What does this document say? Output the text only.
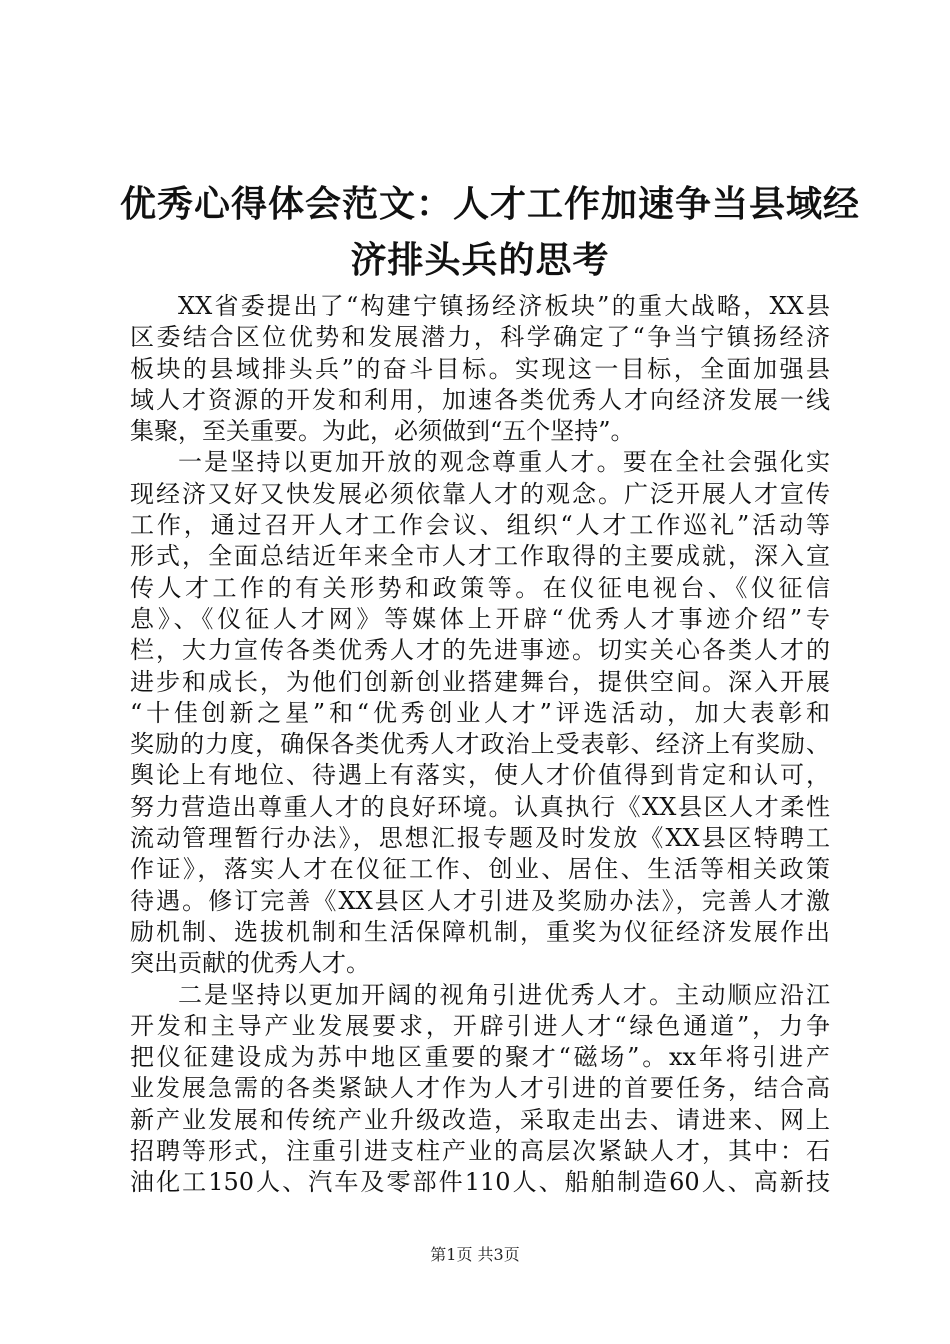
优秀心得体会范文：人才工作加速争当县域经
济排头兵的思考

XX省委提出了“构建宁镇扬经济板块”的重大战略，XX县
区委结合区位优势和发展潜力，科学确定了“争当宁镇扬经济
板块的县域排头兵”的奋斗目标。实现这一目标，全面加强县
域人才资源的开发和利用，加速各类优秀人才向经济发展一线
集聚，至关重要。为此，必须做到“五个坚持”。

一是坚持以更加开放的观念尊重人才。要在全社会强化实
现经济又好又快发展必须依靠人才的观念。广泛开展人才宣传
工作，通过召开人才工作会议、组织“人才工作巡礼”活动等
形式，全面总结近年来全市人才工作取得的主要成就，深入宣
传人才工作的有关形势和政策等。在仪征电视台、《仪征信
息》、《仪征人才网》等媒体上开辟“优秀人才事迹介绍”专
栏，大力宣传各类优秀人才的先进事迹。切实关心各类人才的
进步和成长，为他们创新创业搭建舞台，提供空间。深入开展
“十佳创新之星”和“优秀创业人才”评选活动，加大表彰和
奖励的力度，确保各类优秀人才政治上受表彰、经济上有奖励、
舆论上有地位、待遇上有落实，使人才价值得到肯定和认可，
努力营造出尊重人才的良好环境。认真执行《XX县区人才柔性
流动管理暂行办法》，思想汇报专题及时发放《XX县区特聘工
作证》，落实人才在仪征工作、创业、居住、生活等相关政策
待遇。修订完善《XX县区人才引进及奖励办法》，完善人才激
励机制、选拔机制和生活保障机制，重奖为仪征经济发展作出
突出贡献的优秀人才。

二是坚持以更加开阔的视角引进优秀人才。主动顺应沿江
开发和主导产业发展要求，开辟引进人才“绿色通道”，力争
把仪征建设成为苏中地区重要的聚才“磁场”。xx年将引进产
业发展急需的各类紧缺人才作为人才引进的首要任务，结合高
新产业发展和传统产业升级改造，采取走出去、请进来、网上
招聘等形式，注重引进支柱产业的高层次紧缺人才，其中：石
油化工150人、汽车及零部件110人、船舶制造60人、高新技

第1页 共3页
